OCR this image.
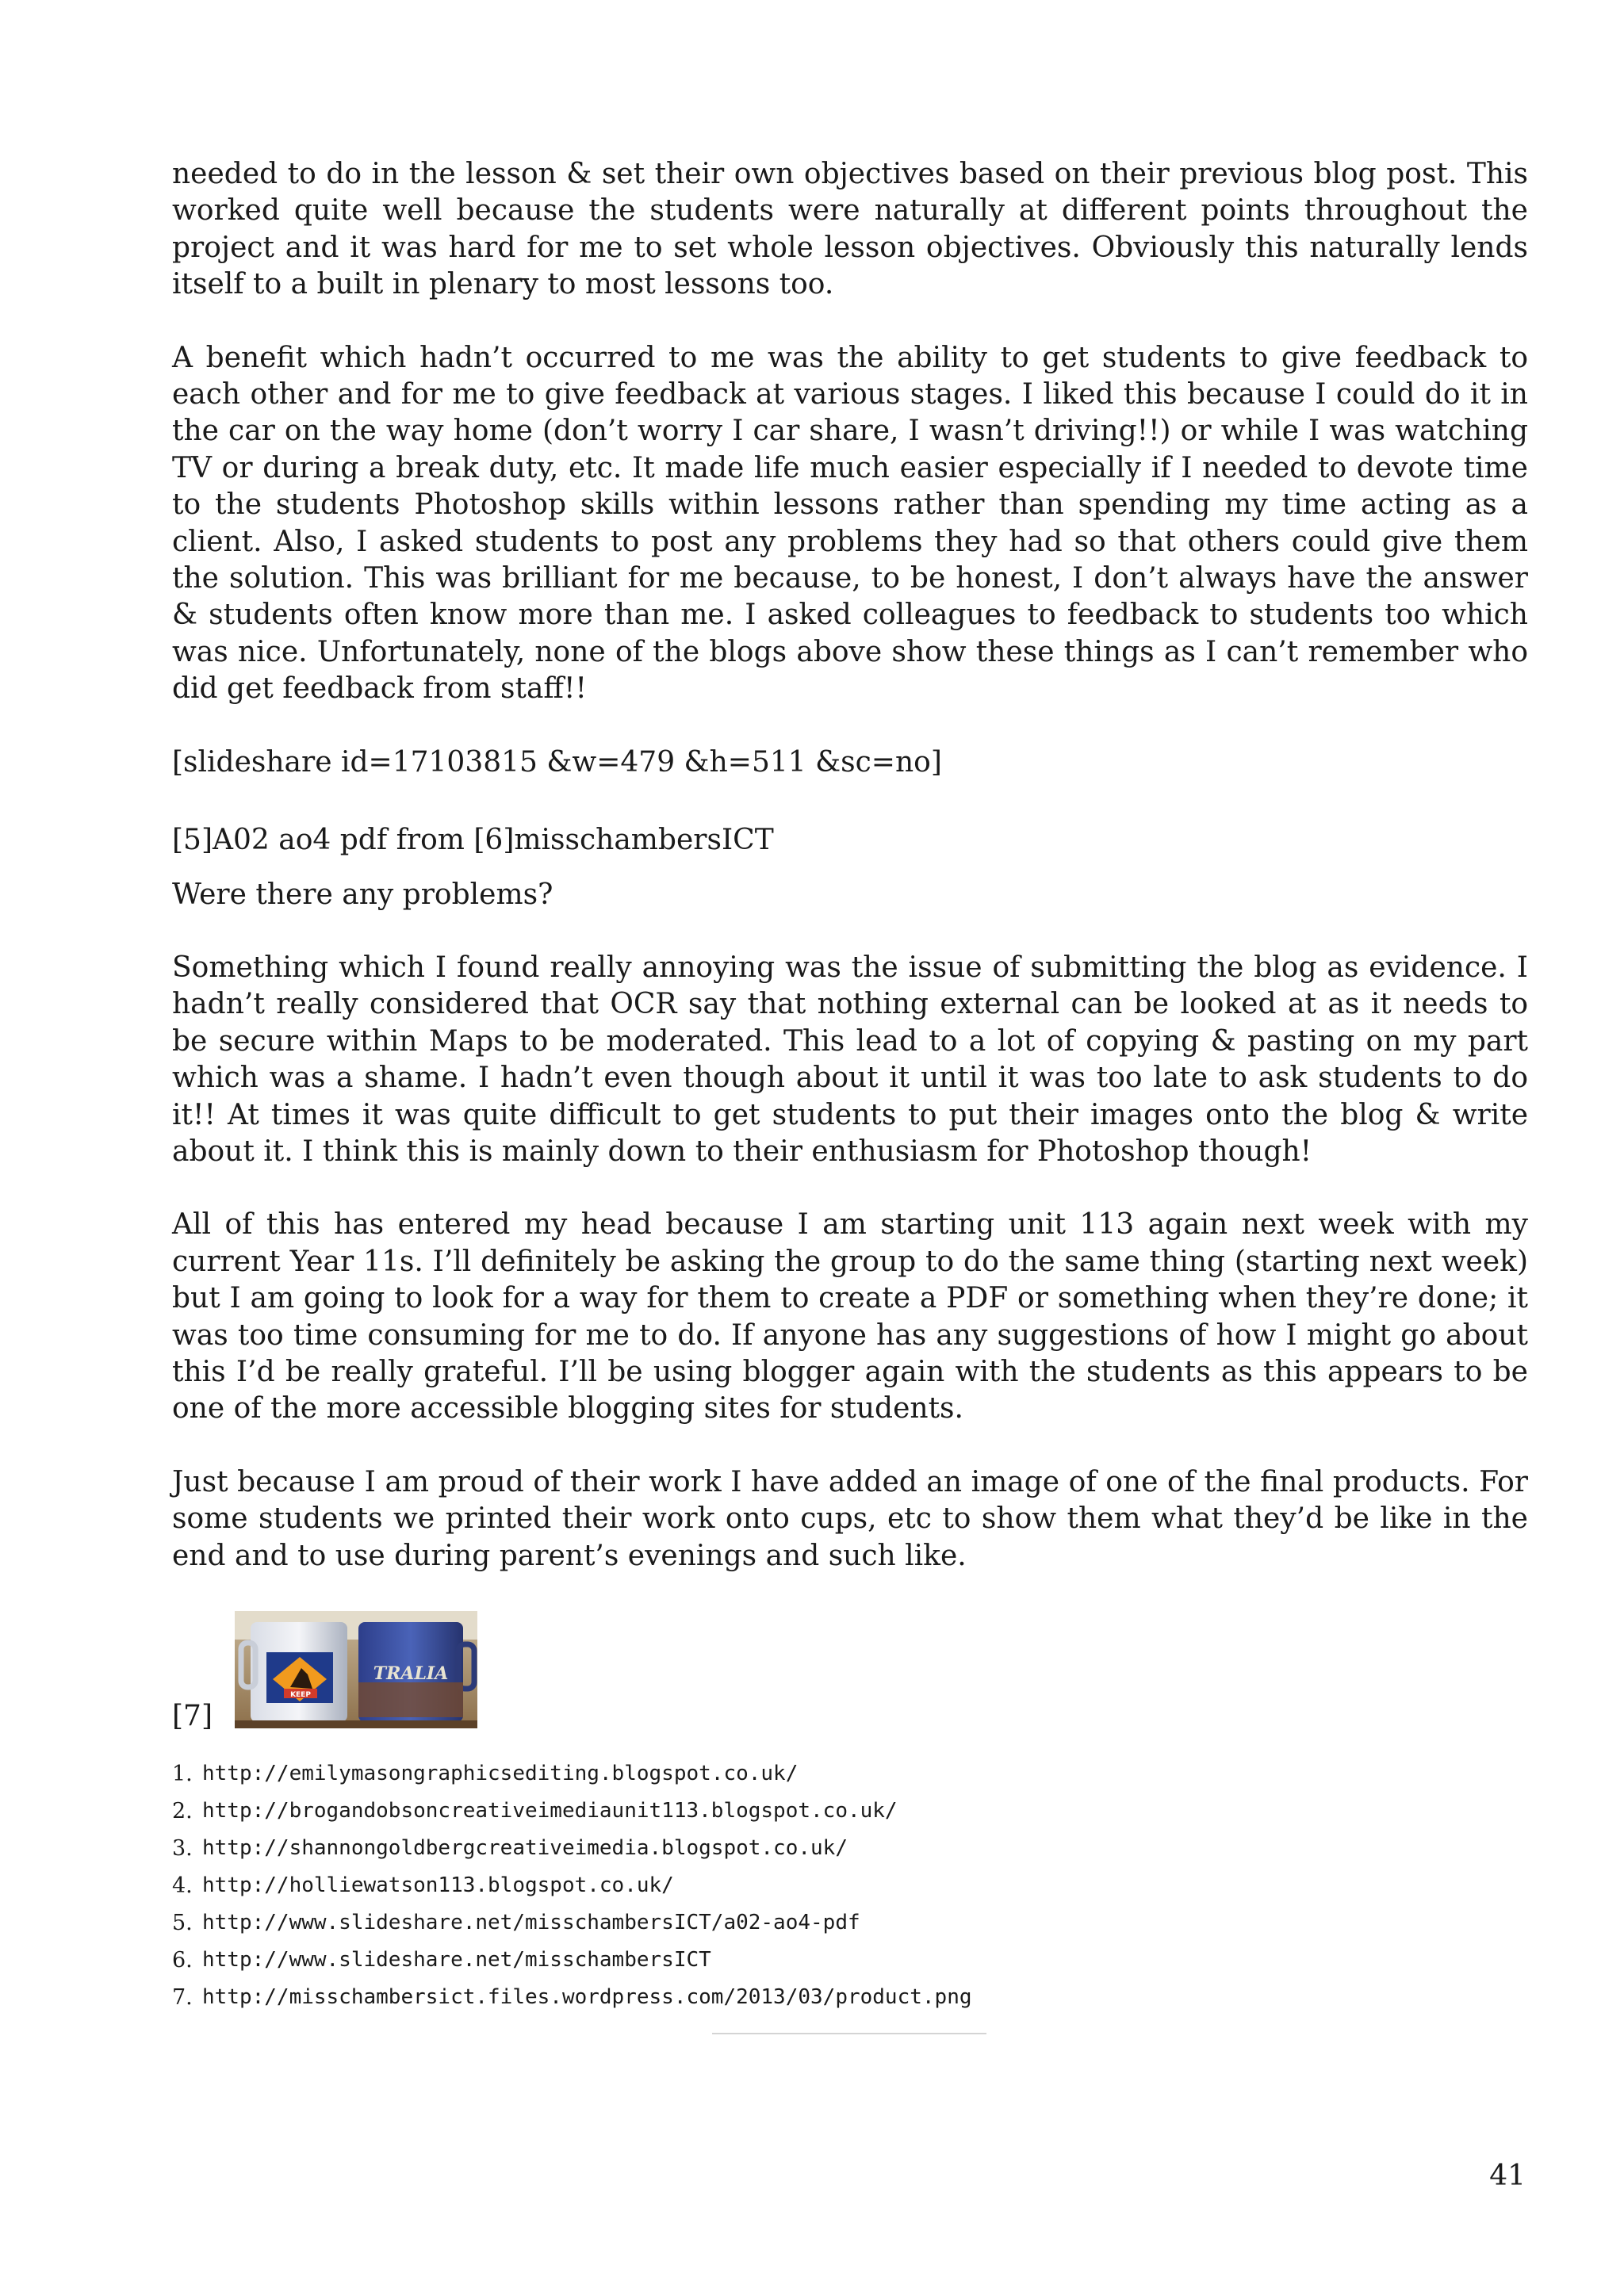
needed to do in the lesson & set their own objectives based on their previous blog post. This worked quite well because the students were naturally at different points throughout the project and it was hard for me to set whole lesson objectives. Obviously this naturally lends itself to a built in plenary to most lessons too.

A benefit which hadn’t occurred to me was the ability to get students to give feedback to each other and for me to give feedback at various stages. I liked this because I could do it in the car on the way home (don’t worry I car share, I wasn’t driving!!) or while I was watching TV or during a break duty, etc. It made life much easier especially if I needed to devote time to the students Photoshop skills within lessons rather than spending my time acting as a client. Also, I asked students to post any problems they had so that others could give them the solution. This was brilliant for me because, to be honest, I don’t always have the answer & students often know more than me. I asked colleagues to feedback to students too which was nice. Unfortunately, none of the blogs above show these things as I can’t remember who did get feedback from staff!!

[slideshare id=17103815 &w=479 &h=511 &sc=no]

[5]A02 ao4 pdf from [6]misschambersICT

Were there any problems?

Something which I found really annoying was the issue of submitting the blog as evidence. I hadn’t really considered that OCR say that nothing external can be looked at as it needs to be secure within Maps to be moderated. This lead to a lot of copying & pasting on my part which was a shame. I hadn’t even though about it until it was too late to ask students to do it!! At times it was quite difficult to get students to put their images onto the blog & write about it. I think this is mainly down to their enthusiasm for Photoshop though!

All of this has entered my head because I am starting unit 113 again next week with my current Year 11s. I’ll definitely be asking the group to do the same thing (starting next week) but I am going to look for a way for them to create a PDF or something when they’re done; it was too time consuming for me to do. If anyone has any suggestions of how I might go about this I’d be really grateful. I’ll be using blogger again with the students as this appears to be one of the more accessible blogging sites for students.

Just because I am proud of their work I have added an image of one of the final products. For some students we printed their work onto cups, etc to show them what they’d be like in the end and to use during parent’s evenings and such like.

[7]
KEEP
TRALIA
1. http://emilymasongraphicsediting.blogspot.co.uk/
2. http://brogandobsoncreativeimediaunit113.blogspot.co.uk/
3. http://shannongoldbergcreativeimedia.blogspot.co.uk/
4. http://holliewatson113.blogspot.co.uk/
5. http://www.slideshare.net/misschambersICT/a02-ao4-pdf
6. http://www.slideshare.net/misschambersICT
7. http://misschambersict.files.wordpress.com/2013/03/product.png
41
